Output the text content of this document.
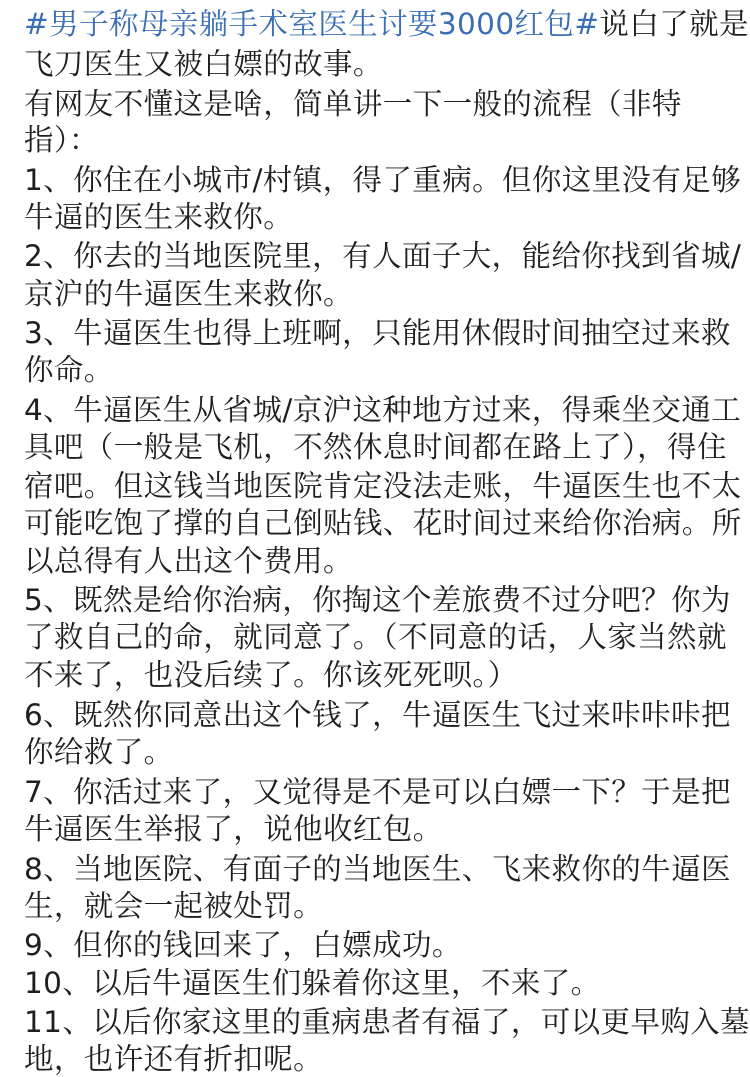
#男子称母亲躺手术室医生讨要3000红包#说白了就是
飞刀医生又被白嫖的故事。
有网友不懂这是啥，简单讲一下一般的流程（非特
指）：
1、你住在小城市/村镇，得了重病。但你这里没有足够
牛逼的医生来救你。
2、你去的当地医院里，有人面子大，能给你找到省城/
京沪的牛逼医生来救你。
3、牛逼医生也得上班啊，只能用休假时间抽空过来救
你命。
4、牛逼医生从省城/京沪这种地方过来，得乘坐交通工
具吧（一般是飞机，不然休息时间都在路上了），得住
宿吧。但这钱当地医院肯定没法走账，牛逼医生也不太
可能吃饱了撑的自己倒贴钱、花时间过来给你治病。所
以总得有人出这个费用。
5、既然是给你治病，你掏这个差旅费不过分吧？你为
了救自己的命，就同意了。（不同意的话，人家当然就
不来了，也没后续了。你该死死呗。）
6、既然你同意出这个钱了，牛逼医生飞过来咔咔咔把
你给救了。
7、你活过来了，又觉得是不是可以白嫖一下？于是把
牛逼医生举报了，说他收红包。
8、当地医院、有面子的当地医生、飞来救你的牛逼医
生，就会一起被处罚。
9、但你的钱回来了，白嫖成功。
10、以后牛逼医生们躲着你这里，不来了。
11、以后你家这里的重病患者有福了，可以更早购入墓
地，也许还有折扣呢。
